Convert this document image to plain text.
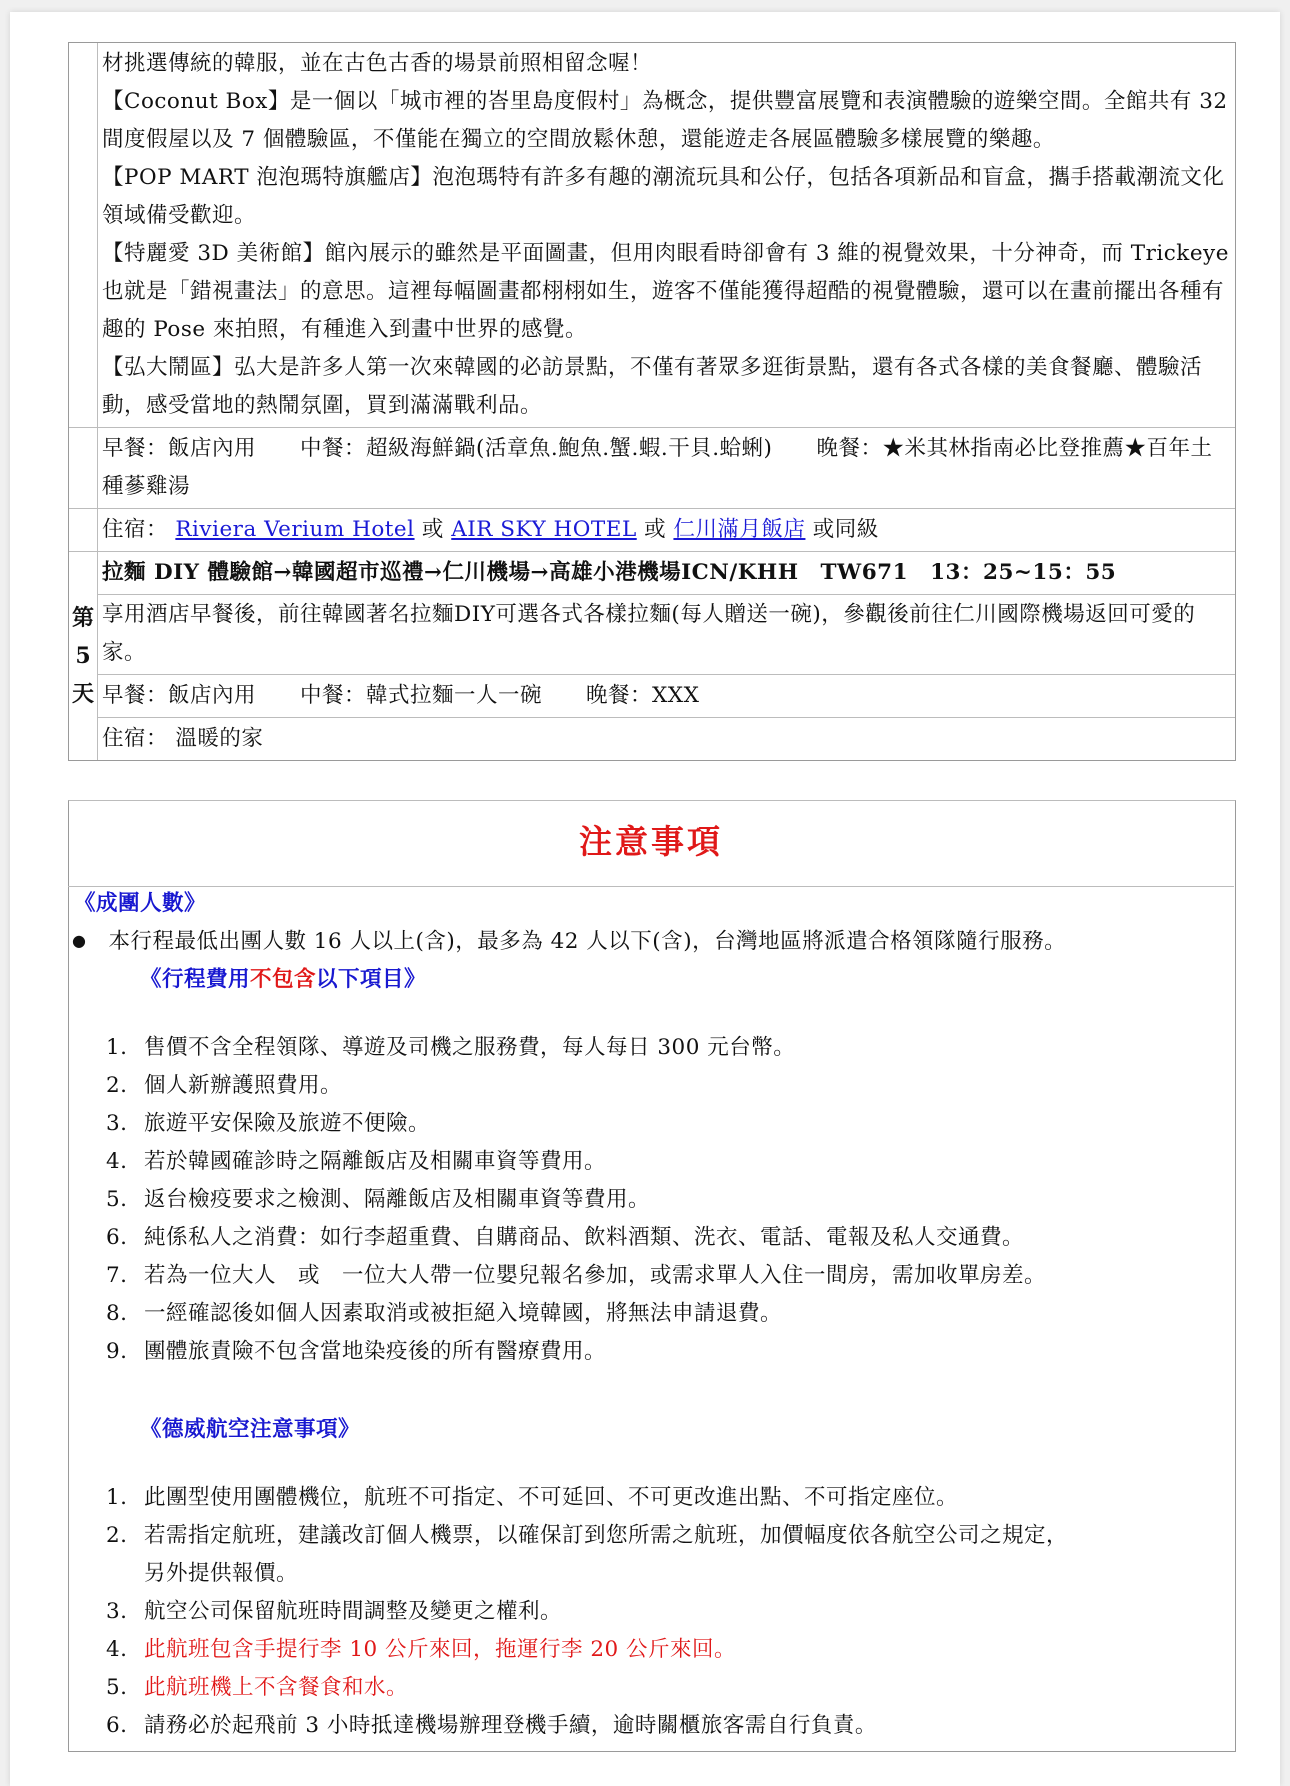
材挑選傳統的韓服，並在古色古香的場景前照相留念喔！

【Coconut Box】是一個以「城市裡的峇里島度假村」為概念，提供豐富展覽和表演體驗的遊樂空間。全館共有 32 間度假屋以及 7 個體驗區，不僅能在獨立的空間放鬆休憩，還能遊走各展區體驗多樣展覽的樂趣。

【POP MART 泡泡瑪特旗艦店】泡泡瑪特有許多有趣的潮流玩具和公仔，包括各項新品和盲盒，攜手搭載潮流文化領域備受歡迎。

【特麗愛 3D 美術館】館內展示的雖然是平面圖畫，但用肉眼看時卻會有 3 維的視覺效果，十分神奇，而 Trickeye 也就是「錯視畫法」的意思。這裡每幅圖畫都栩栩如生，遊客不僅能獲得超酷的視覺體驗，還可以在畫前擺出各種有趣的 Pose 來拍照，有種進入到畫中世界的感覺。

【弘大鬧區】弘大是許多人第一次來韓國的必訪景點，不僅有著眾多逛街景點，還有各式各樣的美食餐廳、體驗活動，感受當地的熱鬧氛圍，買到滿滿戰利品。

早餐：飯店內用　　中餐：超級海鮮鍋(活章魚.鮑魚.蟹.蝦.干貝.蛤蜊)　　晚餐：★米其林指南必比登推薦★百年土種蔘雞湯
住宿： Riviera Verium Hotel 或 AIR SKY HOTEL 或 仁川滿月飯店 或同級
第
5
天
拉麵 DIY 體驗館→韓國超市巡禮→仁川機場→高雄小港機場ICN/KHH　TW671　13：25~15：55
享用酒店早餐後，前往韓國著名拉麵DIY可選各式各樣拉麵(每人贈送一碗)，參觀後前往仁川國際機場返回可愛的家。
早餐：飯店內用　　中餐：韓式拉麵一人一碗　　晚餐：XXX
住宿： 溫暖的家
注意事項
《成團人數》
● 本行程最低出團人數 16 人以上(含)，最多為 42 人以下(含)，台灣地區將派遣合格領隊隨行服務。
《行程費用不包含以下項目》
1. 售價不含全程領隊、導遊及司機之服務費，每人每日 300 元台幣。
2. 個人新辦護照費用。
3. 旅遊平安保險及旅遊不便險。
4. 若於韓國確診時之隔離飯店及相關車資等費用。
5. 返台檢疫要求之檢測、隔離飯店及相關車資等費用。
6. 純係私人之消費：如行李超重費、自購商品、飲料酒類、洗衣、電話、電報及私人交通費。
7. 若為一位大人　或　一位大人帶一位嬰兒報名參加，或需求單人入住一間房，需加收單房差。
8. 一經確認後如個人因素取消或被拒絕入境韓國，將無法申請退費。
9. 團體旅責險不包含當地染疫後的所有醫療費用。
《德威航空注意事項》
1. 此團型使用團體機位，航班不可指定、不可延回、不可更改進出點、不可指定座位。
2. 若需指定航班，建議改訂個人機票，以確保訂到您所需之航班，加價幅度依各航空公司之規定，
另外提供報價。
3. 航空公司保留航班時間調整及變更之權利。
4. 此航班包含手提行李 10 公斤來回，拖運行李 20 公斤來回。
5. 此航班機上不含餐食和水。
6. 請務必於起飛前 3 小時抵達機場辦理登機手續，逾時關櫃旅客需自行負責。
